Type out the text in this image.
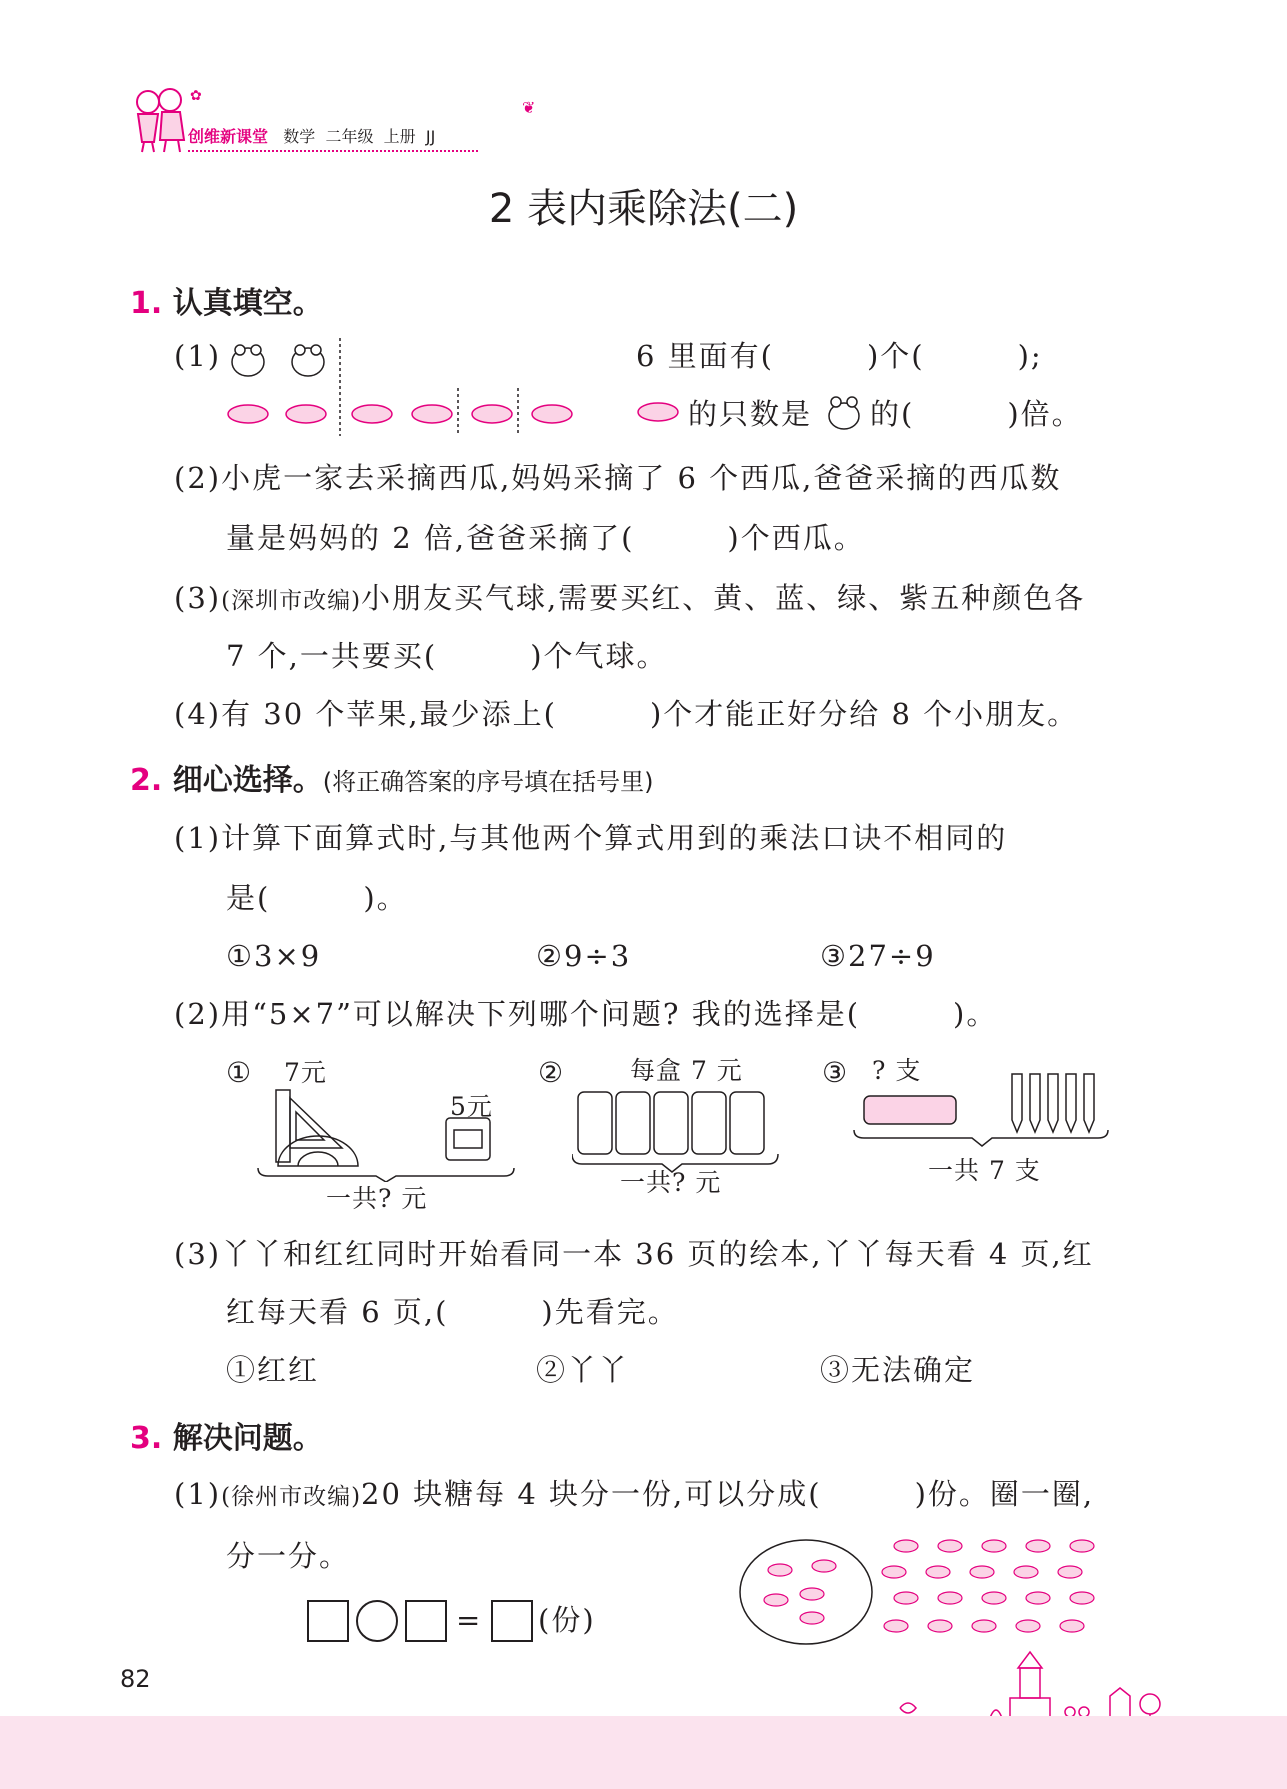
✿
❦
创维新课堂 数学 二年级 上册 JJ
2 表内乘除法(二)
1. 认真填空。
(1)	6 里面有(　　　)个(　　　);
的只数是 的(　　　)倍。
(2)小虎一家去采摘西瓜,妈妈采摘了 6 个西瓜,爸爸采摘的西瓜数
量是妈妈的 2 倍,爸爸采摘了(　　　)个西瓜。
(3)(深圳市改编)小朋友买气球,需要买红、黄、蓝、绿、紫五种颜色各
7 个,一共要买(　　　)个气球。
(4)有 30 个苹果,最少添上(　　　)个才能正好分给 8 个小朋友。
2. 细心选择。(将正确答案的序号填在括号里)
(1)计算下面算式时,与其他两个算式用到的乘法口诀不相同的
是(　　　)。
①3×9	②9÷3	③27÷9
(2)用“5×7”可以解决下列哪个问题? 我的选择是(　　　)。
① 7元
5元
一共? 元
②	每盒 7 元
一共? 元
③ ? 支
一共 7 支
(3)丫丫和红红同时开始看同一本 36 页的绘本,丫丫每天看 4 页,红
红每天看 6 页,(　　　)先看完。
①红红	②丫丫	③无法确定
3. 解决问题。
(1)(徐州市改编)20 块糖每 4 块分一份,可以分成(　　　)份。圈一圈,
分一分。
= (份)
82
